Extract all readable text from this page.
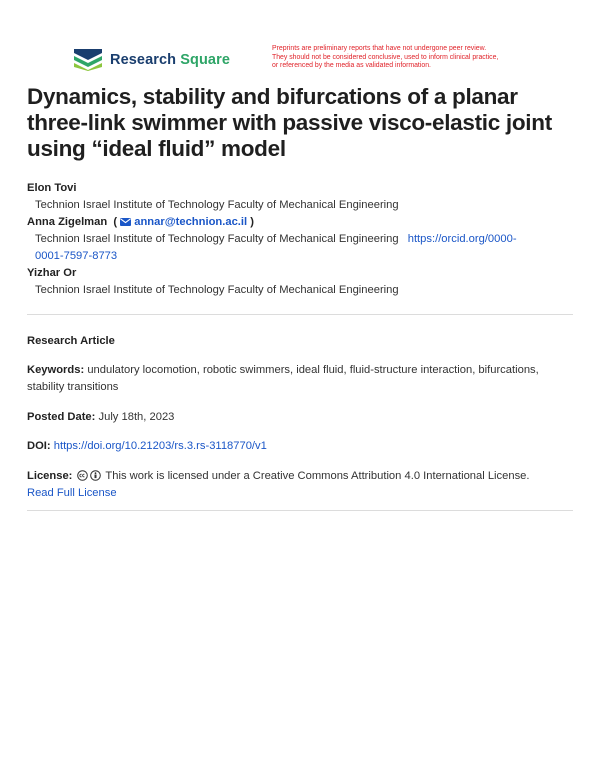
Research Square
Preprints are preliminary reports that have not undergone peer review.
They should not be considered conclusive, used to inform clinical practice,
or referenced by the media as validated information.
Dynamics, stability and bifurcations of a planar three-link swimmer with passive visco-elastic joint using “ideal fluid” model
Elon Tovi
Technion Israel Institute of Technology Faculty of Mechanical Engineering
Anna Zigelman  ( annar@technion.ac.il )
Technion Israel Institute of Technology Faculty of Mechanical Engineering https://orcid.org/0000-
0001-7597-8773
Yizhar Or
Technion Israel Institute of Technology Faculty of Mechanical Engineering
Research Article
Keywords: undulatory locomotion, robotic swimmers, ideal fluid, fluid-structure interaction, bifurcations,
stability transitions
Posted Date: July 18th, 2023
DOI: https://doi.org/10.21203/rs.3.rs-3118770/v1
License:	This work is licensed under a Creative Commons Attribution 4.0 International License.
Read Full License
